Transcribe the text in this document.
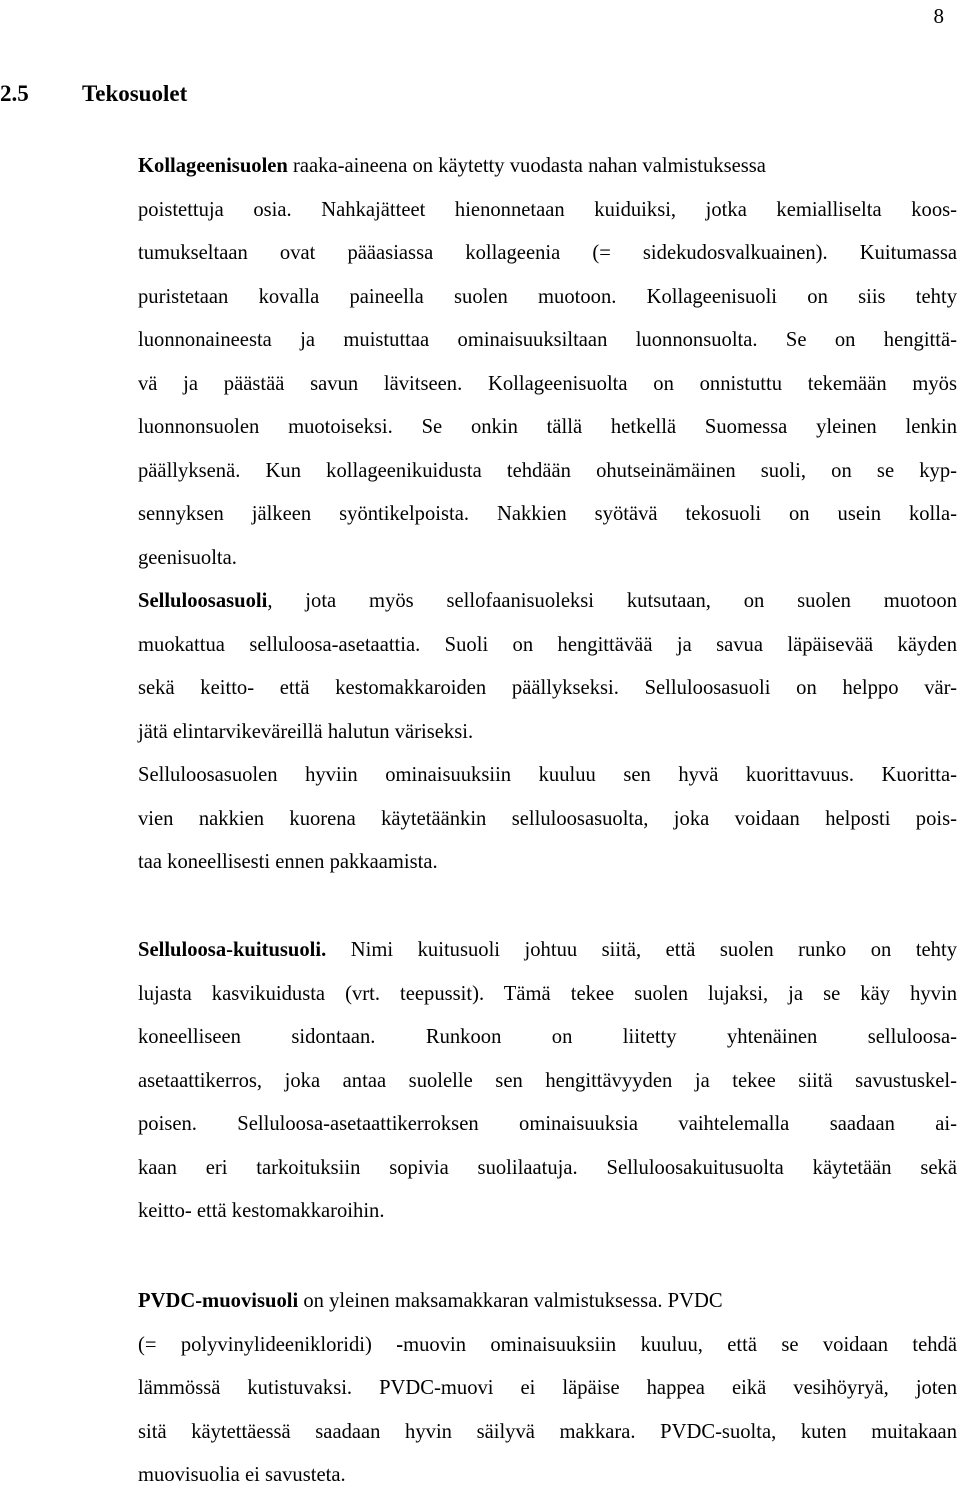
8
2.5 Tekosuolet
Kollageenisuolen raaka-aineena on käytetty vuodasta nahan valmistuksessa
poistettuja osia. Nahkajätteet hienonnetaan kuiduiksi, jotka kemialliselta koos-
tumukseltaan ovat pääasiassa kollageenia (= sidekudosvalkuainen). Kuitumassa
puristetaan kovalla paineella suolen muotoon. Kollageenisuoli on siis tehty
luonnonaineesta ja muistuttaa ominaisuuksiltaan luonnonsuolta. Se on hengittä-
vä ja päästää savun lävitseen. Kollageenisuolta on onnistuttu tekemään myös
luonnonsuolen muotoiseksi. Se onkin tällä hetkellä Suomessa yleinen lenkin
päällyksenä. Kun kollageenikuidusta tehdään ohutseinämäinen suoli, on se kyp-
sennyksen jälkeen syöntikelpoista. Nakkien syötävä tekosuoli on usein kolla-
geenisuolta.
Selluloosasuoli, jota myös sellofaanisuoleksi kutsutaan, on suolen muotoon
muokattua selluloosa-asetaattia. Suoli on hengittävää ja savua läpäisevää käyden
sekä keitto- että kestomakkaroiden päällykseksi. Selluloosasuoli on helppo vär-
jätä elintarvikeväreillä halutun väriseksi.
Selluloosasuolen hyviin ominaisuuksiin kuuluu sen hyvä kuorittavuus. Kuoritta-
vien nakkien kuorena käytetäänkin selluloosasuolta, joka voidaan helposti pois-
taa koneellisesti ennen pakkaamista.
Selluloosa-kuitusuoli. Nimi kuitusuoli johtuu siitä, että suolen runko on tehty
lujasta kasvikuidusta (vrt. teepussit). Tämä tekee suolen lujaksi, ja se käy hyvin
koneelliseen sidontaan. Runkoon on liitetty yhtenäinen selluloosa-
asetaattikerros, joka antaa suolelle sen hengittävyyden ja tekee siitä savustuskel-
poisen. Selluloosa-asetaattikerroksen ominaisuuksia vaihtelemalla saadaan ai-
kaan eri tarkoituksiin sopivia suolilaatuja. Selluloosakuitusuolta käytetään sekä
keitto- että kestomakkaroihin.
PVDC-muovisuoli on yleinen maksamakkaran valmistuksessa. PVDC
(= polyvinylideenikloridi) -muovin ominaisuuksiin kuuluu, että se voidaan tehdä
lämmössä kutistuvaksi. PVDC-muovi ei läpäise happea eikä vesihöyryä, joten
sitä käytettäessä saadaan hyvin säilyvä makkara. PVDC-suolta, kuten muitakaan
muovisuolia ei savusteta.
